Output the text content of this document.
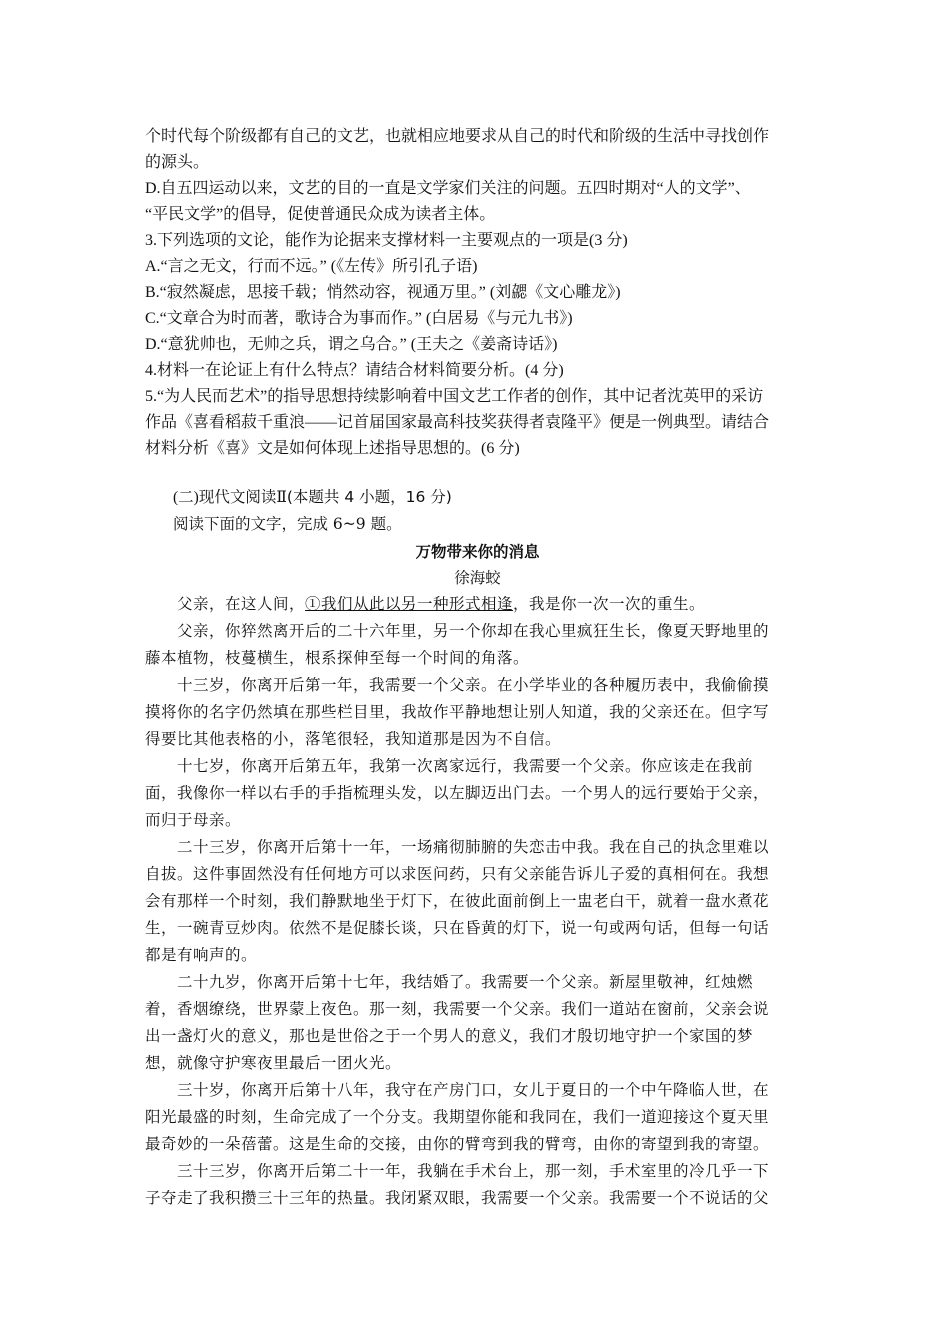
个时代每个阶级都有自己的文艺，也就相应地要求从自己的时代和阶级的生活中寻找创作
的源头。
D.自五四运动以来，文艺的目的一直是文学家们关注的问题。五四时期对“人的文学”、
“平民文学”的倡导，促使普通民众成为读者主体。
3.下列选项的文论，能作为论据来支撑材料一主要观点的一项是(3 分)
A.“言之无文，行而不远。” (《左传》所引孔子语)
B.“寂然凝虑，思接千载；悄然动容，视通万里。” (刘勰《文心雕龙》)
C.“文章合为时而著，歌诗合为事而作。” (白居易《与元九书》)
D.“意犹帅也，无帅之兵，谓之乌合。” (王夫之《姜斋诗话》)
4.材料一在论证上有什么特点？请结合材料简要分析。(4 分)
5.“为人民而艺术”的指导思想持续影响着中国文艺工作者的创作，其中记者沈英甲的采访
作品《喜看稻菽千重浪——记首届国家最高科技奖获得者袁隆平》便是一例典型。请结合
材料分析《喜》文是如何体现上述指导思想的。(6 分)
(二)现代文阅读Ⅱ(本题共 4 小题，16 分)
阅读下面的文字，完成 6~9 题。
万物带来你的消息
徐海蛟
　　父亲，在这人间，①我们从此以另一种形式相逢，我是你一次一次的重生。
　　父亲，你猝然离开后的二十六年里，另一个你却在我心里疯狂生长，像夏天野地里的
藤本植物，枝蔓横生，根系探伸至每一个时间的角落。
　　十三岁，你离开后第一年，我需要一个父亲。在小学毕业的各种履历表中，我偷偷摸
摸将你的名字仍然填在那些栏目里，我故作平静地想让别人知道，我的父亲还在。但字写
得要比其他表格的小，落笔很轻，我知道那是因为不自信。
　　十七岁，你离开后第五年，我第一次离家远行，我需要一个父亲。你应该走在我前
面，我像你一样以右手的手指梳理头发，以左脚迈出门去。一个男人的远行要始于父亲，
而归于母亲。
　　二十三岁，你离开后第十一年，一场痛彻肺腑的失恋击中我。我在自己的执念里难以
自拔。这件事固然没有任何地方可以求医问药，只有父亲能告诉儿子爱的真相何在。我想
会有那样一个时刻，我们静默地坐于灯下，在彼此面前倒上一盅老白干，就着一盘水煮花
生，一碗青豆炒肉。依然不是促膝长谈，只在昏黄的灯下，说一句或两句话，但每一句话
都是有响声的。
　　二十九岁，你离开后第十七年，我结婚了。我需要一个父亲。新屋里敬神，红烛燃
着，香烟缭绕，世界蒙上夜色。那一刻，我需要一个父亲。我们一道站在窗前，父亲会说
出一盏灯火的意义，那也是世俗之于一个男人的意义，我们才殷切地守护一个家国的梦
想，就像守护寒夜里最后一团火光。
　　三十岁，你离开后第十八年，我守在产房门口，女儿于夏日的一个中午降临人世，在
阳光最盛的时刻，生命完成了一个分支。我期望你能和我同在，我们一道迎接这个夏天里
最奇妙的一朵蓓蕾。这是生命的交接，由你的臂弯到我的臂弯，由你的寄望到我的寄望。
　　三十三岁，你离开后第二十一年，我躺在手术台上，那一刻，手术室里的冷几乎一下
子夺走了我积攒三十三年的热量。我闭紧双眼，我需要一个父亲。我需要一个不说话的父
